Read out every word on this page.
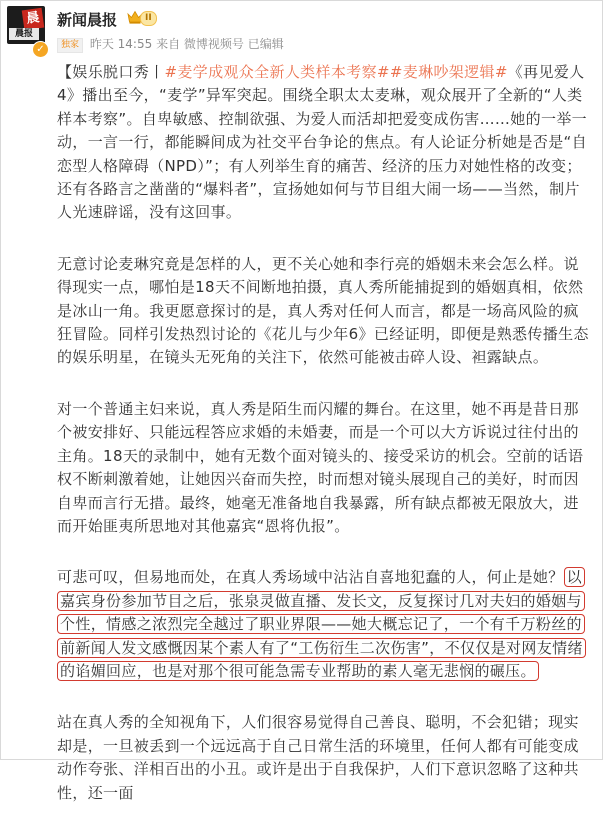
晨
晨报
✓
新闻晨报	II
独家 昨天 14:55 来自 微博视频号 已编辑

【娱乐脱口秀丨#麦学成观众全新人类样本考察##麦琳吵架逻辑#《再见爱人4》播出至今，“麦学”异军突起。围绕全职太太麦琳，观众展开了全新的“人类样本考察”。自卑敏感、控制欲强、为爱人而活却把爱变成伤害……她的一举一动，一言一行，都能瞬间成为社交平台争论的焦点。有人论证分析她是否是“自恋型人格障碍（NPD）”；有人列举生育的痛苦、经济的压力对她性格的改变；还有各路言之凿凿的“爆料者”，宣扬她如何与节目组大闹一场——当然，制片人光速辟谣，没有这回事。

无意讨论麦琳究竟是怎样的人，更不关心她和李行亮的婚姻未来会怎么样。说得现实一点，哪怕是18天不间断地拍摄，真人秀所能捕捉到的婚姻真相，依然是冰山一角。我更愿意探讨的是，真人秀对任何人而言，都是一场高风险的疯狂冒险。同样引发热烈讨论的《花儿与少年6》已经证明，即便是熟悉传播生态的娱乐明星，在镜头无死角的关注下，依然可能被击碎人设、袒露缺点。

对一个普通主妇来说，真人秀是陌生而闪耀的舞台。在这里，她不再是昔日那个被安排好、只能远程答应求婚的未婚妻，而是一个可以大方诉说过往付出的主角。18天的录制中，她有无数个面对镜头的、接受采访的机会。空前的话语权不断刺激着她，让她因兴奋而失控，时而想对镜头展现自己的美好，时而因自卑而言行无措。最终，她毫无准备地自我暴露，所有缺点都被无限放大，进而开始匪夷所思地对其他嘉宾“恩将仇报”。

可悲可叹，但易地而处，在真人秀场域中沾沾自喜地犯蠢的人，何止是她？ 以嘉宾身份参加节目之后，张泉灵做直播、发长文，反复探讨几对夫妇的婚姻与个性，情感之浓烈完全越过了职业界限——她大概忘记了，一个有千万粉丝的前新闻人发文感慨因某个素人有了“工伤衍生二次伤害”，不仅仅是对网友情绪的谄媚回应，也是对那个很可能急需专业帮助的素人毫无悲悯的碾压。

站在真人秀的全知视角下，人们很容易觉得自己善良、聪明，不会犯错；现实却是，一旦被丢到一个远远高于自己日常生活的环境里，任何人都有可能变成动作夸张、洋相百出的小丑。或许是出于自我保护，人们下意识忽略了这种共性，还一面
